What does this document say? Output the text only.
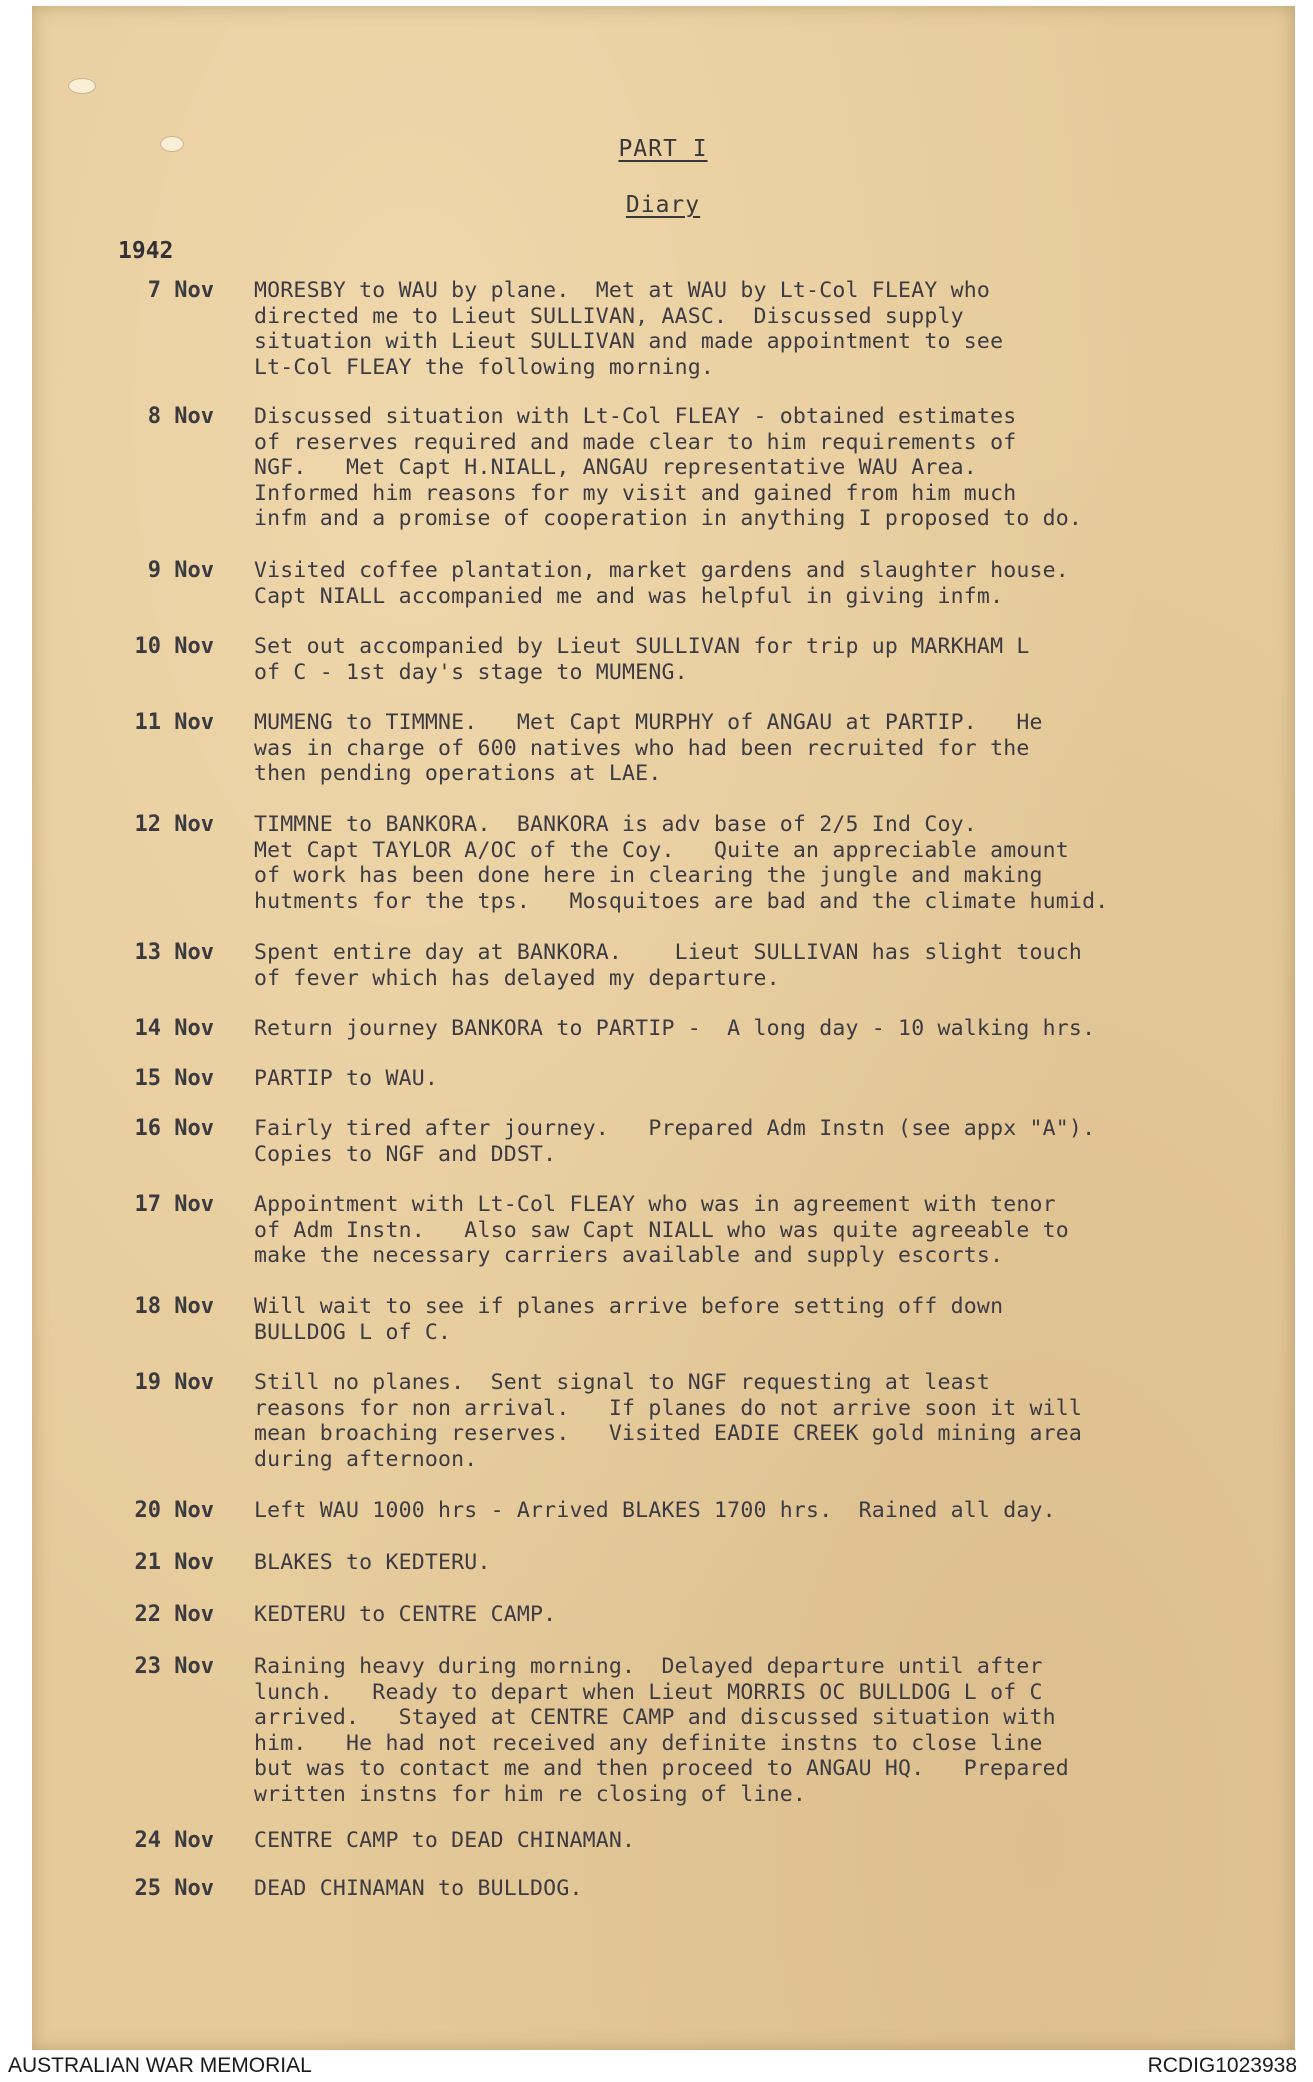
PART I
Diary
1942
7 Nov MORESBY to WAU by plane.  Met at WAU by Lt-Col FLEAY who
directed me to Lieut SULLIVAN, AASC.  Discussed supply
situation with Lieut SULLIVAN and made appointment to see
Lt-Col FLEAY the following morning.
8 Nov Discussed situation with Lt-Col FLEAY - obtained estimates
of reserves required and made clear to him requirements of
NGF.   Met Capt H.NIALL, ANGAU representative WAU Area.
Informed him reasons for my visit and gained from him much
infm and a promise of cooperation in anything I proposed to do.
9 Nov Visited coffee plantation, market gardens and slaughter house.
Capt NIALL accompanied me and was helpful in giving infm.
10 Nov Set out accompanied by Lieut SULLIVAN for trip up MARKHAM L
of C - 1st day's stage to MUMENG.
11 Nov MUMENG to TIMMNE.   Met Capt MURPHY of ANGAU at PARTIP.   He
was in charge of 600 natives who had been recruited for the
then pending operations at LAE.
12 Nov TIMMNE to BANKORA.  BANKORA is adv base of 2/5 Ind Coy.
Met Capt TAYLOR A/OC of the Coy.   Quite an appreciable amount
of work has been done here in clearing the jungle and making
hutments for the tps.   Mosquitoes are bad and the climate humid.
13 Nov Spent entire day at BANKORA.    Lieut SULLIVAN has slight touch
of fever which has delayed my departure.
14 Nov Return journey BANKORA to PARTIP -  A long day - 10 walking hrs.
15 Nov PARTIP to WAU.
16 Nov Fairly tired after journey.   Prepared Adm Instn (see appx "A").
Copies to NGF and DDST.
17 Nov Appointment with Lt-Col FLEAY who was in agreement with tenor
of Adm Instn.   Also saw Capt NIALL who was quite agreeable to
make the necessary carriers available and supply escorts.
18 Nov Will wait to see if planes arrive before setting off down
BULLDOG L of C.
19 Nov Still no planes.  Sent signal to NGF requesting at least
reasons for non arrival.   If planes do not arrive soon it will
mean broaching reserves.   Visited EADIE CREEK gold mining area
during afternoon.
20 Nov Left WAU 1000 hrs - Arrived BLAKES 1700 hrs.  Rained all day.
21 Nov BLAKES to KEDTERU.
22 Nov KEDTERU to CENTRE CAMP.
23 Nov Raining heavy during morning.  Delayed departure until after
lunch.   Ready to depart when Lieut MORRIS OC BULLDOG L of C
arrived.   Stayed at CENTRE CAMP and discussed situation with
him.   He had not received any definite instns to close line
but was to contact me and then proceed to ANGAU HQ.   Prepared
written instns for him re closing of line.
24 Nov CENTRE CAMP to DEAD CHINAMAN.
25 Nov DEAD CHINAMAN to BULLDOG.
AUSTRALIAN WAR MEMORIAL	RCDIG1023938
